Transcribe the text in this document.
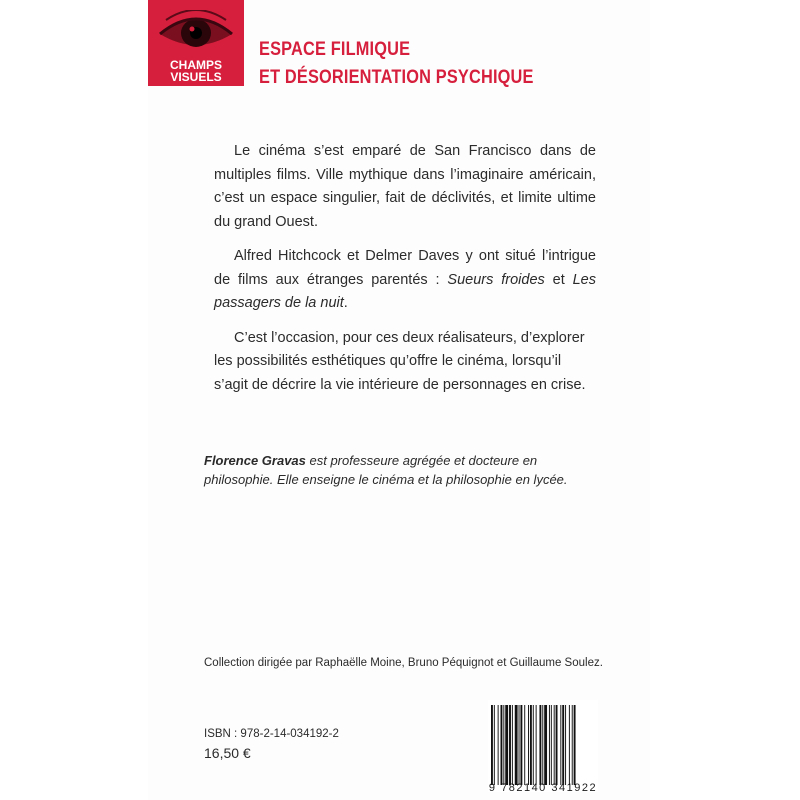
CHAMPS
VISUELS
ESPACE FILMIQUE
ET DÉSORIENTATION PSYCHIQUE

Le cinéma s’est emparé de San Francisco dans de multiples films. Ville mythique dans l’imaginaire américain, c’est un espace singulier, fait de déclivités, et limite ultime du grand Ouest.

Alfred Hitchcock et Delmer Daves y ont situé l’intrigue de films aux étranges parentés : Sueurs froides et Les passagers de la nuit.

C’est l’occasion, pour ces deux réalisateurs, d’explorer les possibilités esthétiques qu’offre le cinéma, lorsqu’il s’agit de décrire la vie intérieure de personnages en crise.

Florence Gravas est professeure agrégée et docteure en philosophie. Elle enseigne le cinéma et la philosophie en lycée.
Collection dirigée par Raphaëlle Moine, Bruno Péquignot et Guillaume Soulez.
ISBN : 978-2-14-034192-2
16,50 €
9 782140 341922
